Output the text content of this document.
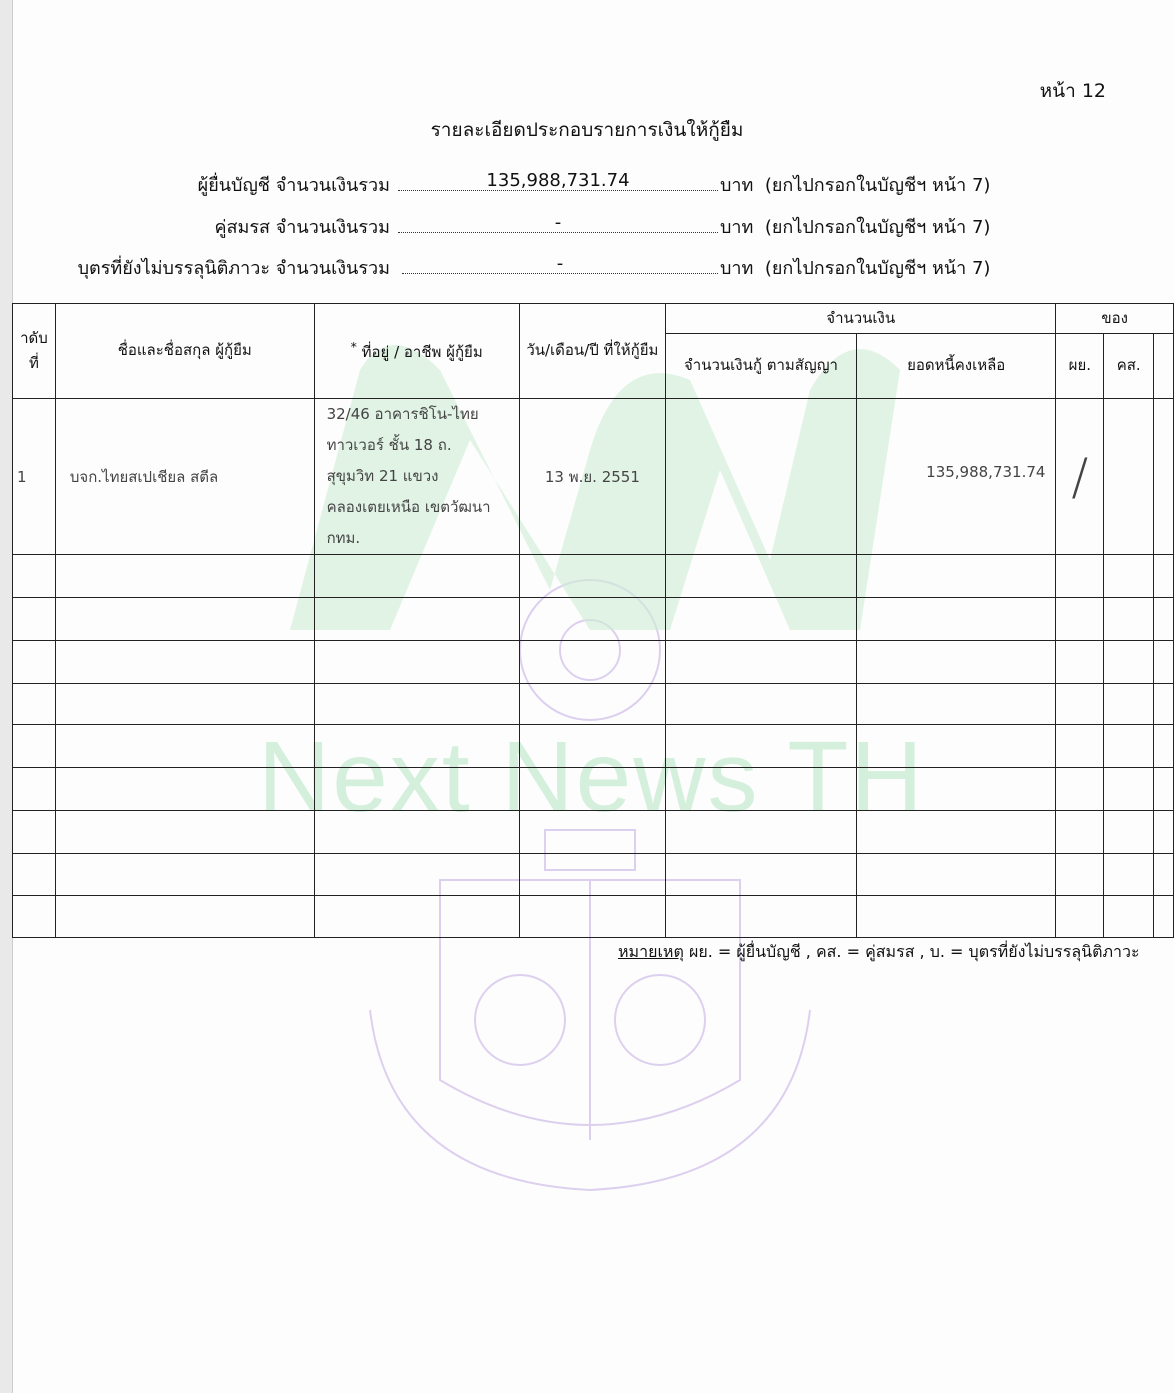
Next News TH
หน้า 12
รายละเอียดประกอบรายการเงินให้กู้ยืม
ผู้ยื่นบัญชี จำนวนเงินรวม	135,988,731.74	บาท (ยกไปกรอกในบัญชีฯ หน้า 7)
คู่สมรส จำนวนเงินรวม	-	บาท (ยกไปกรอกในบัญชีฯ หน้า 7)
บุตรที่ยังไม่บรรลุนิติภาวะ จำนวนเงินรวม	-	บาท (ยกไปกรอกในบัญชีฯ หน้า 7)
าดับ ที่	ชื่อและชื่อสกุล ผู้กู้ยืม	* ที่อยู่ / อาชีพ ผู้กู้ยืม	วัน/เดือน/ปี ที่ให้กู้ยืม	จำนวนเงิน		ของ		
				จำนวนเงินกู้ ตามสัญญา	ยอดหนี้คงเหลือ	ผย.	คส.	
1	บจก.ไทยสเปเชียล สตีล	32/46 อาคารชิโน-ไทย ทาวเวอร์ ชั้น 18 ถ. สุขุมวิท 21 แขวง คลองเตยเหนือ เขตวัฒนา กทม.	13 พ.ย. 2551		135,988,731.74	/		

หมายเหตุ ผย. = ผู้ยื่นบัญชี , คส. = คู่สมรส , บ. = บุตรที่ยังไม่บรรลุนิติภาวะ
